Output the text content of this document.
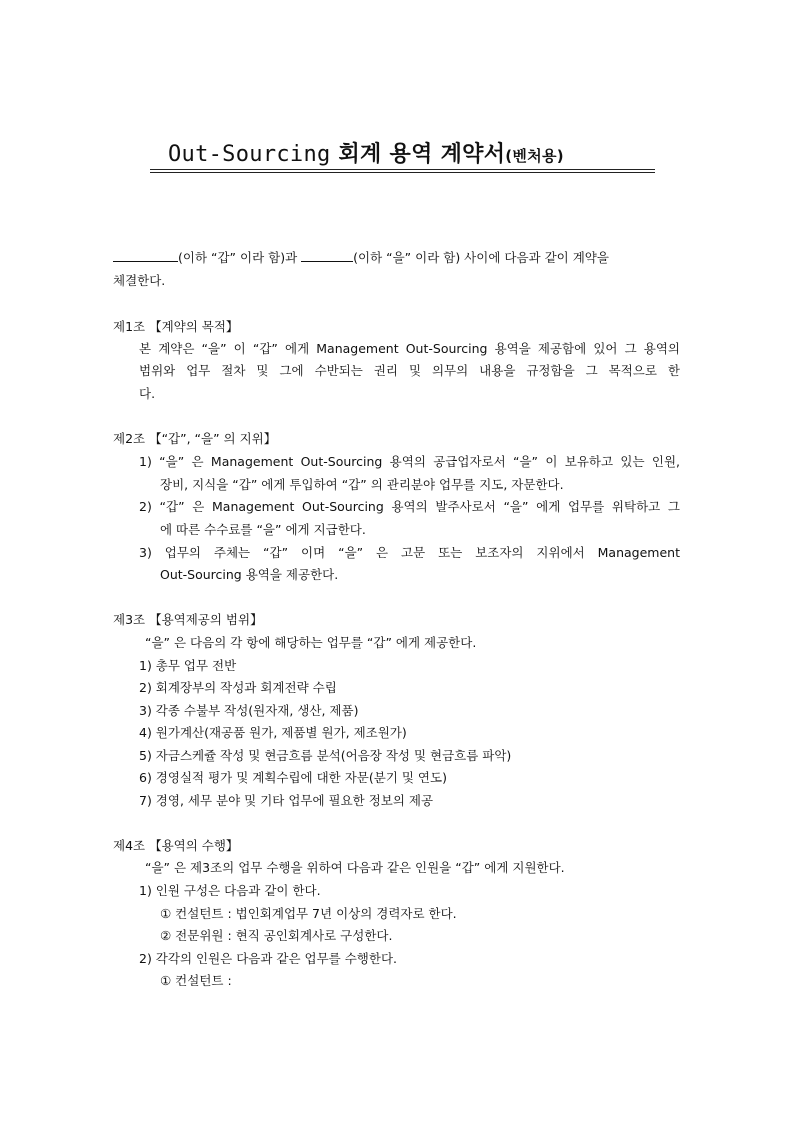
Out-Sourcing 회계 용역 계약서(벤처용)
(이하 “갑” 이라 함)과	(이하 “을” 이라 함) 사이에 다음과 같이 계약을
체결한다.
제1조 【계약의 목적】
본 계약은 “을” 이 “갑” 에게 Management Out-Sourcing 용역을 제공함에 있어 그 용역의
범위와 업무 절차 및 그에 수반되는 권리 및 의무의 내용을 규정함을 그 목적으로 한
다.
제2조 【“갑”, “을” 의 지위】
1) “을” 은 Management Out-Sourcing 용역의 공급업자로서 “을” 이 보유하고 있는 인원,
장비, 지식을 “갑” 에게 투입하여 “갑” 의 관리분야 업무를 지도, 자문한다.
2) “갑” 은 Management Out-Sourcing 용역의 발주사로서 “을” 에게 업무를 위탁하고 그
에 따른 수수료를 “을” 에게 지급한다.
3) 업무의 주체는 “갑” 이며 “을” 은 고문 또는 보조자의 지위에서 Management
Out-Sourcing 용역을 제공한다.
제3조 【용역제공의 범위】
“을” 은 다음의 각 항에 해당하는 업무를 “갑” 에게 제공한다.
1) 총무 업무 전반
2) 회계장부의 작성과 회계전략 수립
3) 각종 수불부 작성(원자재, 생산, 제품)
4) 원가계산(재공품 원가, 제품별 원가, 제조원가)
5) 자금스케쥴 작성 및 현금흐름 분석(어음장 작성 및 현금흐름 파악)
6) 경영실적 평가 및 계획수립에 대한 자문(분기 및 연도)
7) 경영, 세무 분야 및 기타 업무에 필요한 정보의 제공
제4조 【용역의 수행】
“을” 은 제3조의 업무 수행을 위하여 다음과 같은 인원을 “갑” 에게 지원한다.
1) 인원 구성은 다음과 같이 한다.
① 컨설턴트 : 법인회계업무 7년 이상의 경력자로 한다.
② 전문위원 : 현직 공인회계사로 구성한다.
2) 각각의 인원은 다음과 같은 업무를 수행한다.
① 컨설턴트 :
